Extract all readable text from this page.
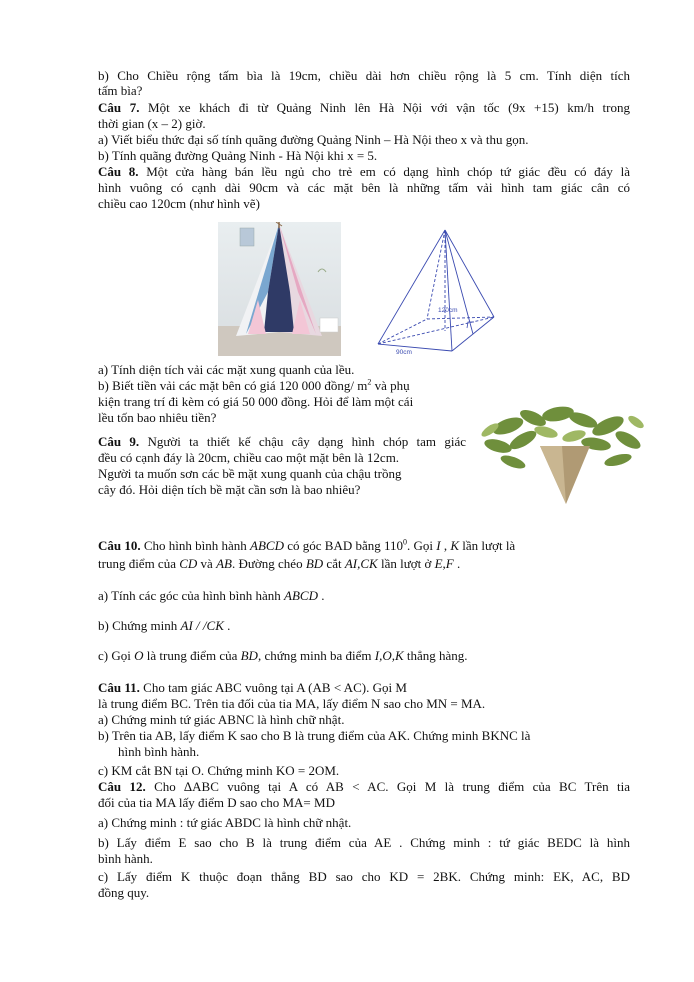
b) Cho Chiều rộng tấm bìa là 19cm, chiều dài hơn chiều rộng là 5 cm. Tính diện tích
tấm bìa?
Câu 7. Một xe khách đi từ Quảng Ninh lên Hà Nội với vận tốc (9x +15) km/h trong
thời gian (x – 2) giờ.
a) Viết biểu thức đại số tính quãng đường Quảng Ninh – Hà Nội theo x và thu gọn.
b) Tính quãng đường Quảng Ninh - Hà Nội khi x = 5.
Câu 8. Một cửa hàng bán lều ngủ cho trẻ em có dạng hình chóp tứ giác đều có đáy là
hình vuông có cạnh dài 90cm và các mặt bên là những tấm vải hình tam giác cân có
chiều cao 120cm (như hình vẽ)
120cm
90cm
a) Tính diện tích vải các mặt xung quanh của lều.
b) Biết tiền vải các mặt bên có giá 120 000 đồng/ $m^2$ và phụ
kiện trang trí đi kèm có giá 50 000 đồng. Hỏi để làm một cái
lều tốn bao nhiêu tiền?
Câu 9. Người ta thiết kế chậu cây dạng hình chóp tam giác
đều có cạnh đáy là 20cm, chiều cao một mặt bên là 12cm.
Người ta muốn sơn các bề mặt xung quanh của chậu trồng
cây đó. Hỏi diện tích bề mặt cần sơn là bao nhiêu?
Câu 10. Cho hình bình hành ABCD có góc BAD bằng $110^0$. Gọi I , K lần lượt là
trung điểm của CD và AB. Đường chéo BD cắt AI,CK lần lượt ở E,F .
a) Tính các góc của hình bình hành ABCD .
b) Chứng minh AI / /CK .
c) Gọi O là trung điểm của BD, chứng minh ba điểm I,O,K thẳng hàng.
Câu 11. Cho tam giác ABC vuông tại A (AB < AC). Gọi M
là trung điểm BC. Trên tia đối của tia MA, lấy điểm N sao cho MN = MA.
a) Chứng minh tứ giác ABNC là hình chữ nhật.
b) Trên tia AB, lấy điểm K sao cho B là trung điểm của AK. Chứng minh BKNC là
hình bình hành.
c) KM cắt BN tại O. Chứng minh KO = 2OM.
Câu 12. Cho ∆ABC vuông tại A có AB < AC. Gọi M là trung điểm của BC Trên tia
đối của tia MA lấy điểm D sao cho MA= MD
a) Chứng minh : tứ giác ABDC là hình chữ nhật.
b) Lấy điểm E sao cho B là trung điểm của AE . Chứng minh : tứ giác BEDC là hình
bình hành.
c) Lấy điểm K thuộc đoạn thẳng BD sao cho KD = 2BK. Chứng minh: EK, AC, BD
đồng quy.
